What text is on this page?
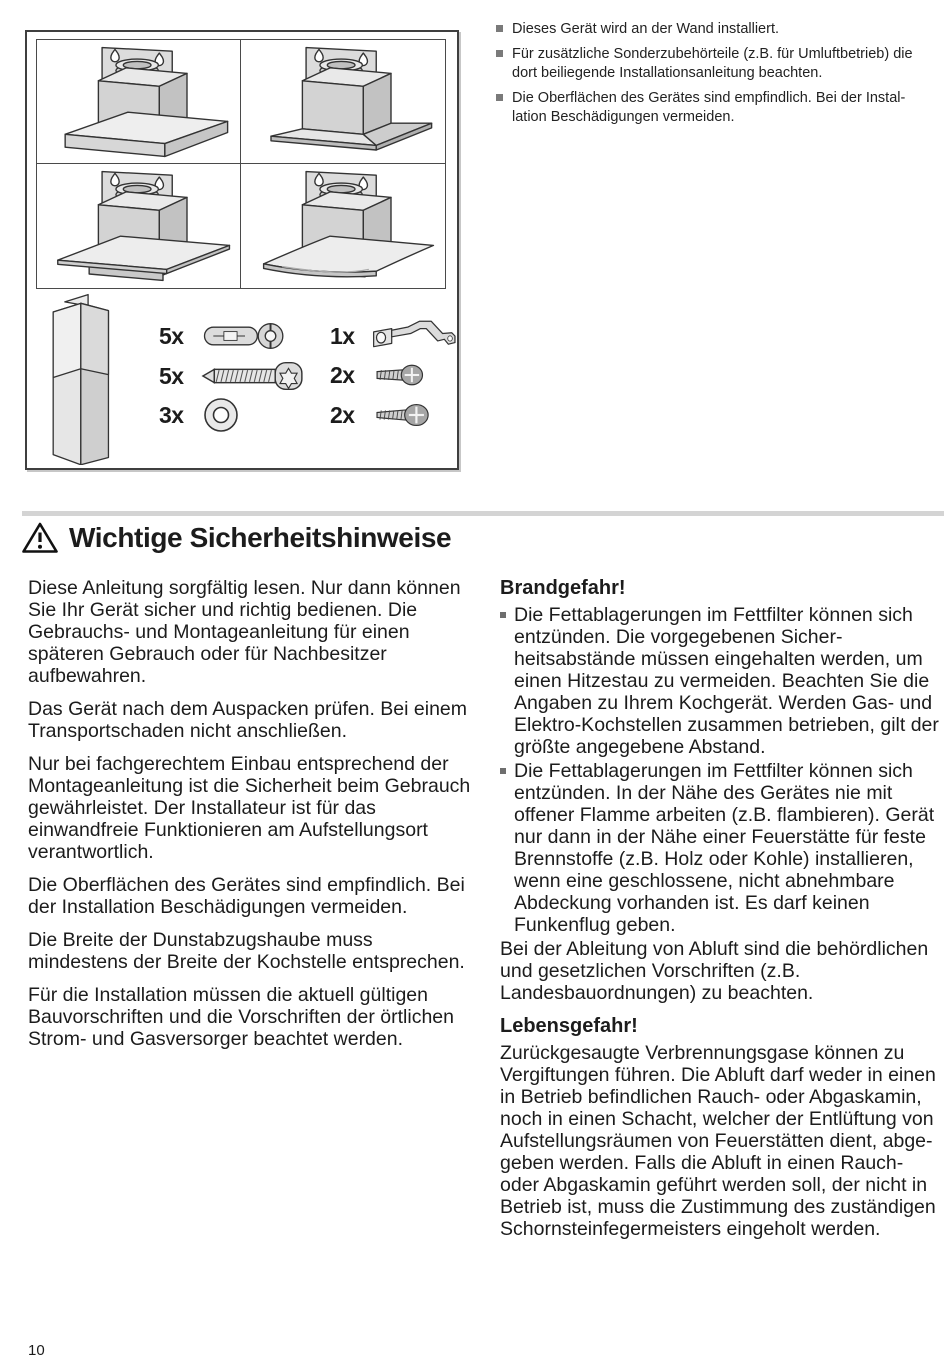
5x
5x
3x
1x
2x
2x
Dieses Gerät wird an der Wand installiert.
Für zusätzliche Sonderzubehörteile (z.B. für Umluftbetrieb) die dort beiliegende Installationsanleitung beachten.
Die Oberflächen des Gerätes sind empfindlich. Bei der Installation Beschädigungen vermeiden.
Wichtige Sicherheitshinweise

Diese Anleitung sorgfältig lesen. Nur dann können Sie Ihr Gerät sicher und richtig bedienen. Die Gebrauchs- und Montageanleitung für einen späteren Gebrauch oder für Nachbesitzer aufbewahren.

Das Gerät nach dem Auspacken prüfen. Bei einem Transportschaden nicht anschließen.

Nur bei fachgerechtem Einbau entsprechend der Montageanleitung ist die Sicherheit beim Gebrauch gewährleistet. Der Installateur ist für das einwandfreie Funktionieren am Aufstellungsort verantwortlich.

Die Oberflächen des Gerätes sind empfindlich. Bei der Installation Beschädigungen vermeiden.

Die Breite der Dunstabzugshaube muss mindestens der Breite der Kochstelle entsprechen.

Für die Installation müssen die aktuell gültigen Bauvorschriften und die Vorschriften der örtlichen Strom- und Gasversorger beachtet werden.

Brandgefahr!
Die Fettablagerungen im Fettfilter können sich entzünden. Die vorgegebenen Sicherheitsabstände müssen eingehalten werden, um einen Hitzestau zu vermeiden. Beachten Sie die Angaben zu Ihrem Kochgerät. Werden Gas- und Elektro-Kochstellen zusammen betrieben, gilt der größte angegebene Abstand.
Die Fettablagerungen im Fettfilter können sich entzünden. In der Nähe des Gerätes nie mit offener Flamme arbeiten (z.B. flambieren). Gerät nur dann in der Nähe einer Feuerstätte für feste Brennstoffe (z.B. Holz oder Kohle) installieren, wenn eine geschlossene, nicht abnehmbare Abdeckung vorhanden ist. Es darf keinen Funkenflug geben.

Bei der Ableitung von Abluft sind die behördlichen und gesetzlichen Vorschriften (z.B. Landesbauordnungen) zu beachten.

Lebensgefahr!

Zurückgesaugte Verbrennungsgase können zu Vergiftungen führen. Die Abluft darf weder in einen in Betrieb befindlichen Rauch- oder Abgaskamin, noch in einen Schacht, welcher der Entlüftung von Aufstellungsräumen von Feuerstätten dient, abgegeben werden. Falls die Abluft in einen Rauch- oder Abgaskamin geführt werden soll, der nicht in Betrieb ist, muss die Zustimmung des zuständigen Schornsteinfegermeisters eingeholt werden.

10
